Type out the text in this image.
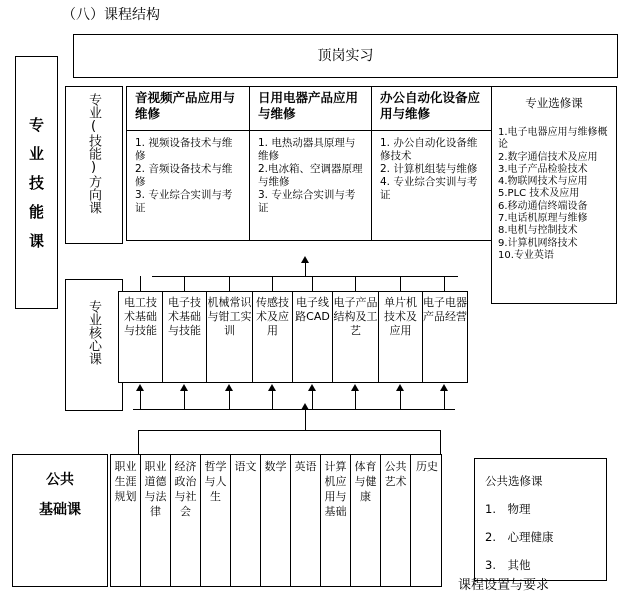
（八）课程结构
顶岗实习
专业技能课	专业(技能)方向课	音视频产品应用与维修
1. 视频设备技术与维修
2. 音频设备技术与维修
3. 专业综合实训与考证
日用电器产品应用与维修
1. 电热动器具原理与维修
2.电冰箱、空调器原理与维修
3. 专业综合实训与考证
办公自动化设备应用与维修
1. 办公自动化设备维修技术
2. 计算机组装与维修
4. 专业综合实训与考证
专业选修课
1.电子电器应用与维修概论
2.数字通信技术及应用
3.电子产品检验技术
4.物联网技术与应用
5.PLC 技术及应用
6.移动通信终端设备
7.电话机原理与维修
8.电机与控制技术
9.计算机网络技术
10.专业英语
专业核心课	电工技术基础与技能
电子技术基础与技能
机械常识与钳工实训
传感技术及应用
电子线路CAD
电子产品结构及工艺
单片机技术及应用
电子电器产品经营
公共
基础课
职业生涯规划
职业道德与法律
经济政治与社会
哲学与人生
语文 数学 英语 计算机应用与基础
体育与健康
公共艺术
历史
公共选修课
1.　物理
2.　心理健康
3.　其他
课程设置与要求
